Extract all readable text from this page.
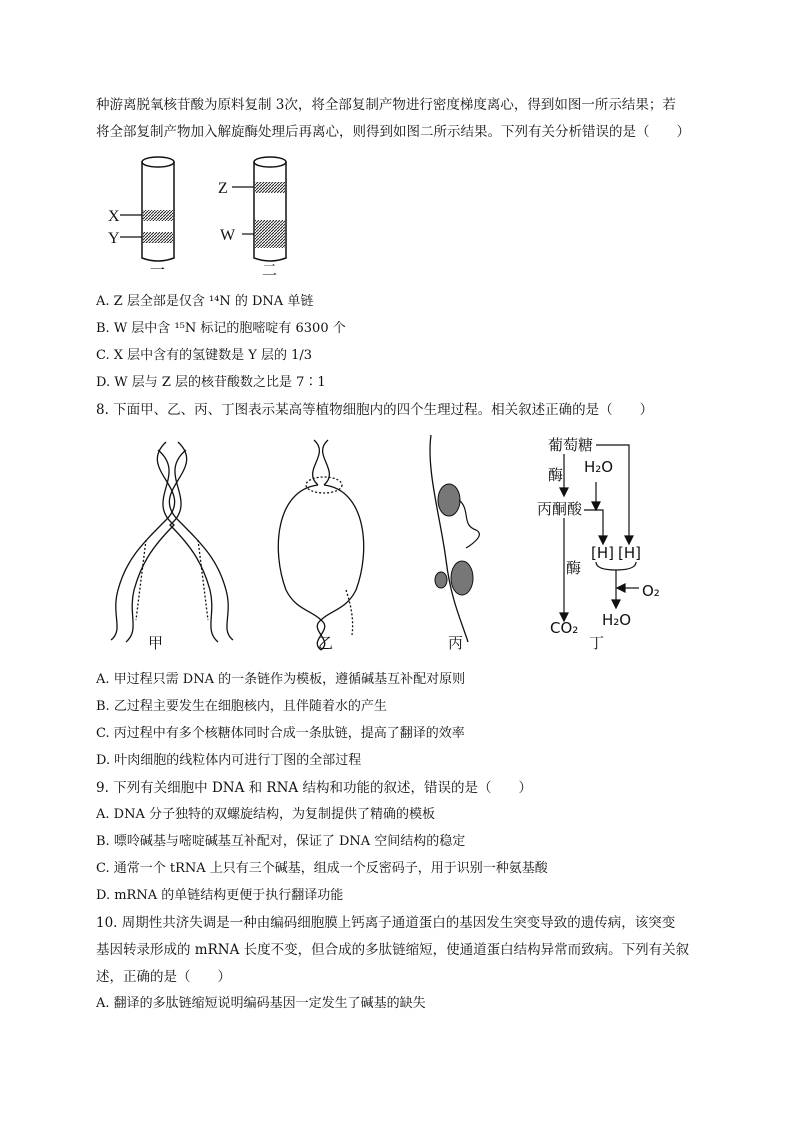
种游离脱氧核苷酸为原料复制 3次，将全部复制产物进行密度梯度离心，得到如图一所示结果；若
将全部复制产物加入解旋酶处理后再离心，则得到如图二所示结果。下列有关分析错误的是（　　）
X
Y
一
Z
W
二
A. Z 层全部是仅含 ¹⁴N 的 DNA 单链
B. W 层中含 ¹⁵N 标记的胞嘧啶有 6300 个
C. X 层中含有的氢键数是 Y 层的 1/3
D. W 层与 Z 层的核苷酸数之比是 7∶1
8. 下面甲、乙、丙、丁图表示某高等植物细胞内的四个生理过程。相关叙述正确的是（　　）
甲	乙	丙
葡萄糖
酶 H₂O
丙酮酸
[H] [H]
酶
O₂
CO₂ H₂O
丁
A. 甲过程只需 DNA 的一条链作为模板，遵循碱基互补配对原则
B. 乙过程主要发生在细胞核内，且伴随着水的产生
C. 丙过程中有多个核糖体同时合成一条肽链，提高了翻译的效率
D. 叶肉细胞的线粒体内可进行丁图的全部过程
9. 下列有关细胞中 DNA 和 RNA 结构和功能的叙述，错误的是（　　）
A. DNA 分子独特的双螺旋结构，为复制提供了精确的模板
B. 嘌呤碱基与嘧啶碱基互补配对，保证了 DNA 空间结构的稳定
C. 通常一个 tRNA 上只有三个碱基，组成一个反密码子，用于识别一种氨基酸
D. mRNA 的单链结构更便于执行翻译功能
10. 周期性共济失调是一种由编码细胞膜上钙离子通道蛋白的基因发生突变导致的遗传病，该突变
基因转录形成的 mRNA 长度不变，但合成的多肽链缩短，使通道蛋白结构异常而致病。下列有关叙
述，正确的是（　　）
A. 翻译的多肽链缩短说明编码基因一定发生了碱基的缺失
